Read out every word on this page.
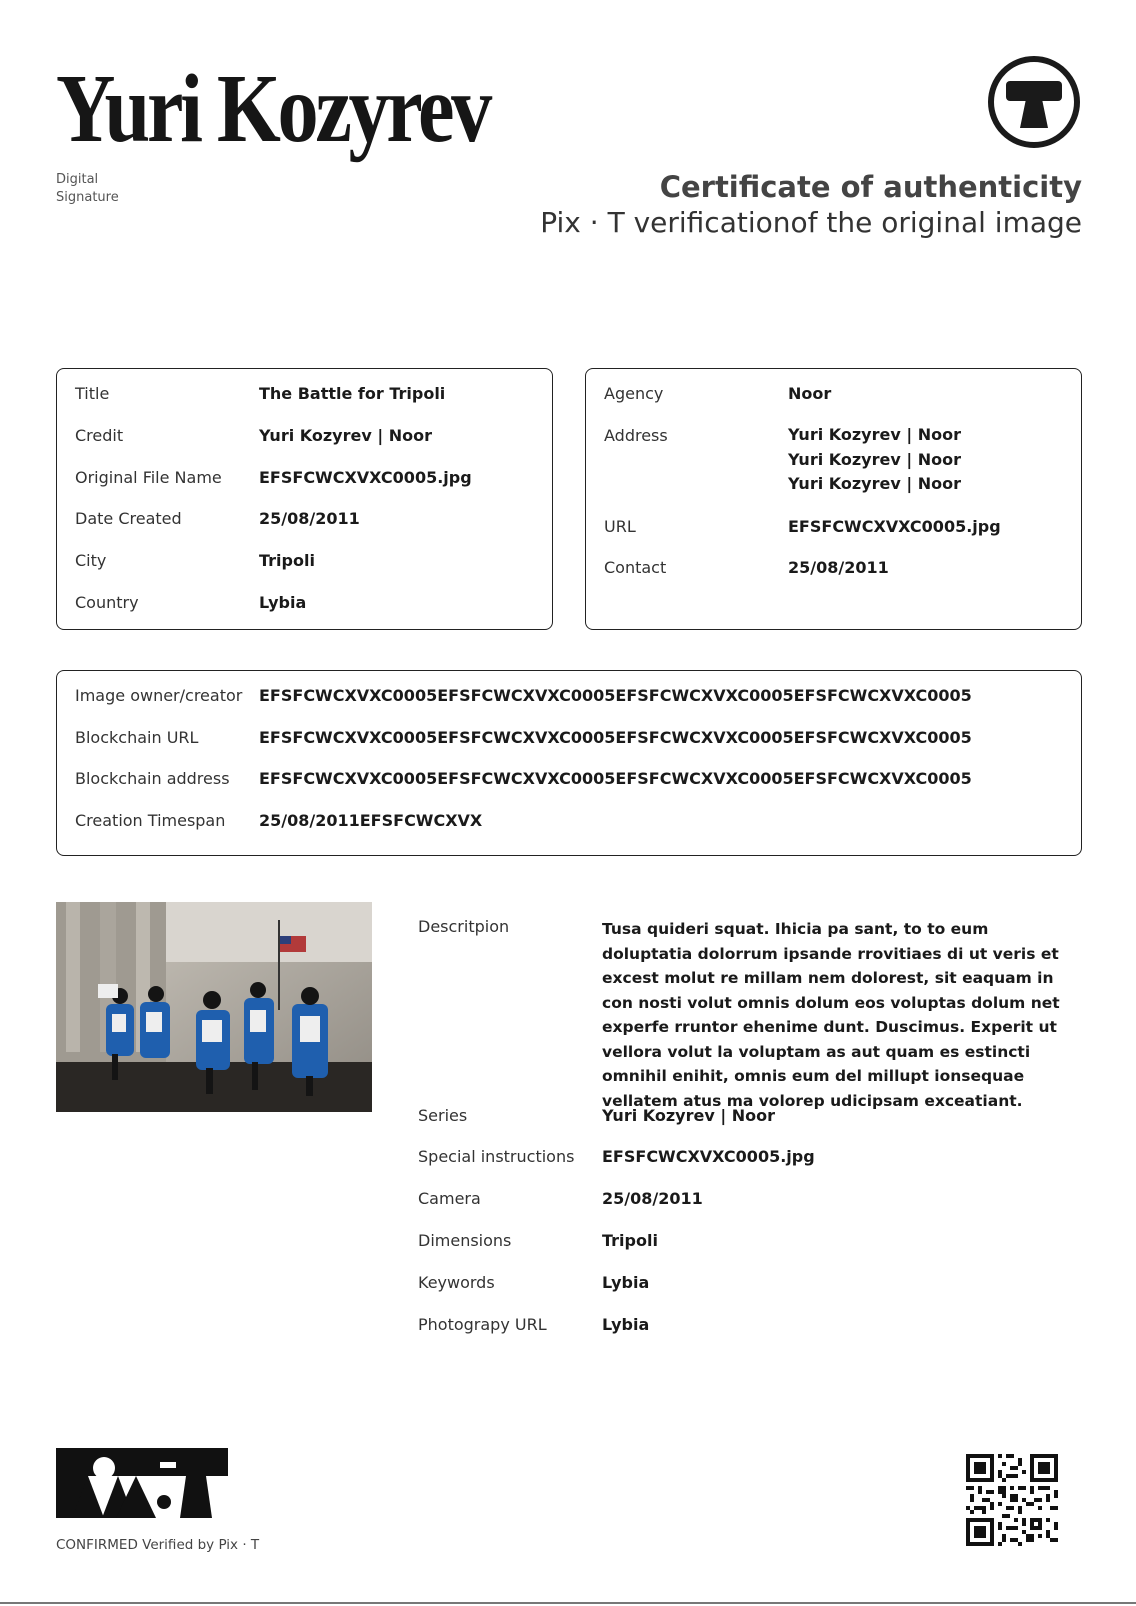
Yuri Kozyrev
Digital Signature	Certificate of authenticity
Pix · T verificationof the original image
Title	The Battle for Tripoli
Credit	Yuri Kozyrev | Noor
Original File Name EFSFCWCXVXC0005.jpg
Date Created	25/08/2011
City	Tripoli
Country	Lybia
Agency	Noor
Address	Yuri Kozyrev | Noor
Yuri Kozyrev | Noor
Yuri Kozyrev | Noor
URL	EFSFCWCXVXC0005.jpg
Contact	25/08/2011
Image owner/creator EFSFCWCXVXC0005EFSFCWCXVXC0005EFSFCWCXVXC0005EFSFCWCXVXC0005
Blockchain URL	EFSFCWCXVXC0005EFSFCWCXVXC0005EFSFCWCXVXC0005EFSFCWCXVXC0005
Blockchain address EFSFCWCXVXC0005EFSFCWCXVXC0005EFSFCWCXVXC0005EFSFCWCXVXC0005
Creation Timespan 25/08/2011EFSFCWCXVX
Descritpion	Tusa quideri squat. Ihicia pa sant, to to eum doluptatia dolorrum ipsande rrovitiaes di ut veris et excest molut re millam nem dolorest, sit eaquam in con nosti volut omnis dolum eos voluptas dolum net experfe rruntor ehenime dunt. Duscimus. Experit ut vellora volut la voluptam as aut quam es estincti omnihil enihit, omnis eum del millupt ionsequae vellatem atus ma volorep udicipsam exceatiant.
Series	Yuri Kozyrev | Noor
Special instructions EFSFCWCXVXC0005.jpg
Camera	25/08/2011
Dimensions	Tripoli
Keywords	Lybia
Photograpy URL	Lybia
CONFIRMED Verified by Pix · T
